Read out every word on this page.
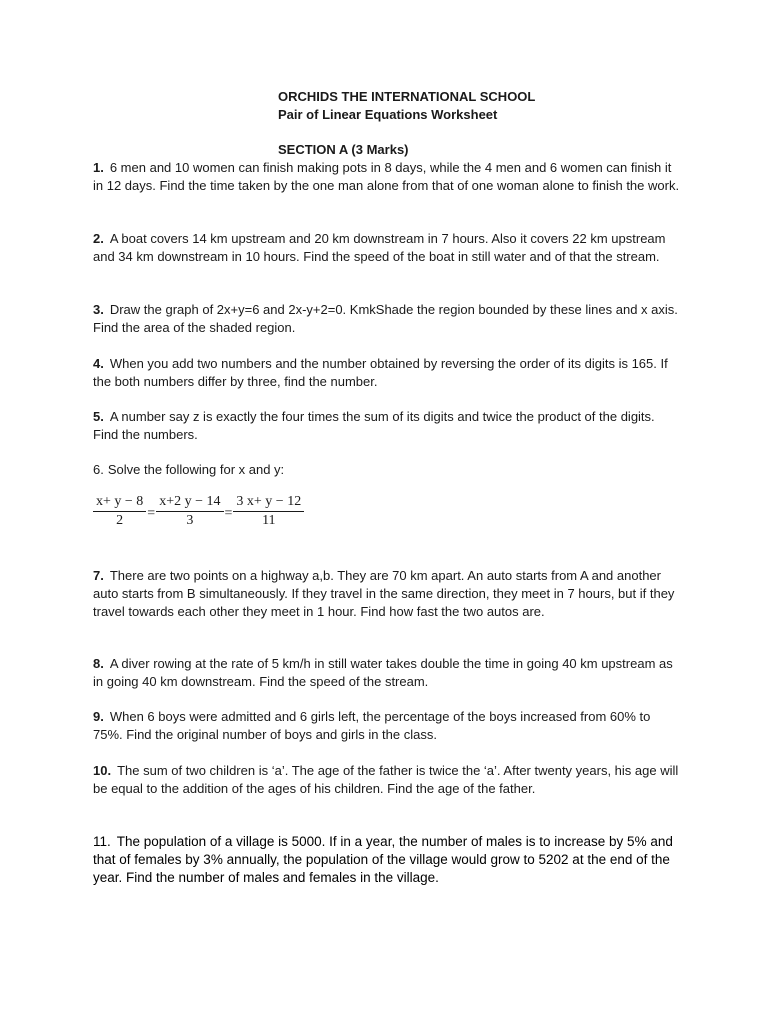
ORCHIDS THE INTERNATIONAL SCHOOL
Pair of Linear Equations Worksheet
SECTION A (3 Marks)

1. 6 men and 10 women can finish making pots in 8 days, while the 4 men and 6 women can finish it in 12 days. Find the time taken by the one man alone from that of one woman alone to finish the work.

2. A boat covers 14 km upstream and 20 km downstream in 7 hours. Also it covers 22 km upstream and 34 km downstream in 10 hours. Find the speed of the boat in still water and of that the stream.

3. Draw the graph of 2x+y=6 and 2x-y+2=0. KmkShade the region bounded by these lines and x axis. Find the area of the shaded region.

4. When you add two numbers and the number obtained by reversing the order of its digits is 165. If the both numbers differ by three, find the number.

5. A number say z is exactly the four times the sum of its digits and twice the product of the digits. Find the numbers.

6. Solve the following for x and y:

$\frac{x+ y - 8}{2} = \frac{x+2 y - 14}{3} = \frac{3 x+ y - 12}{11}$

7. There are two points on a highway a,b. They are 70 km apart. An auto starts from A and another auto starts from B simultaneously. If they travel in the same direction, they meet in 7 hours, but if they travel towards each other they meet in 1 hour. Find how fast the two autos are.

8. A diver rowing at the rate of 5 km/h in still water takes double the time in going 40 km upstream as in going 40 km downstream. Find the speed of the stream.

9. When 6 boys were admitted and 6 girls left, the percentage of the boys increased from 60% to 75%. Find the original number of boys and girls in the class.

10. The sum of two children is ‘a’. The age of the father is twice the ‘a’. After twenty years, his age will be equal to the addition of the ages of his children. Find the age of the father.

11. The population of a village is 5000. If in a year, the number of males is to increase by 5% and that of females by 3% annually, the population of the village would grow to 5202 at the end of the year. Find the number of males and females in the village.
